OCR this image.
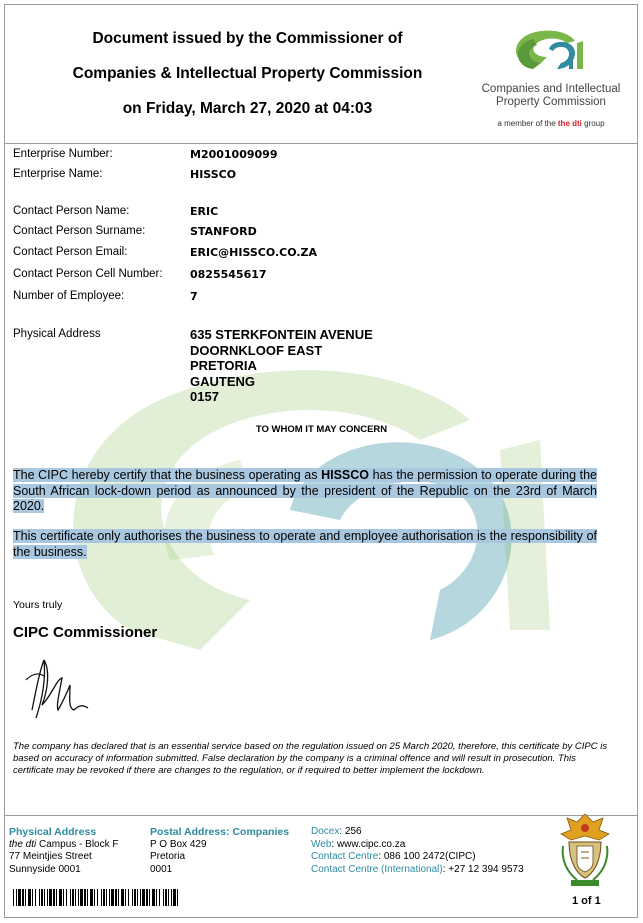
Document issued by the Commissioner of
Companies & Intellectual Property Commission
on Friday, March 27, 2020 at 04:03
Companies and Intellectual
Property Commission
a member of the the dti group
Enterprise Number:	M2001009099
Enterprise Name:	HISSCO
Contact Person Name:	ERIC
Contact Person Surname:	STANFORD
Contact Person Email:	ERIC@HISSCO.CO.ZA
Contact Person Cell Number: 0825545617
Number of Employee:	7
Physical Address	635 STERKFONTEIN AVENUE
DOORNKLOOF EAST
PRETORIA
GAUTENG
0157
TO WHOM IT MAY CONCERN
The CIPC hereby certify that the business operating as HISSCO has the permission to operate during the South African lock-down period as announced by the president of the Republic on the 23rd of March 2020.
This certificate only authorises the business to operate and employee authorisation is the responsibility of the business.
Yours truly
CIPC Commissioner
The company has declared that is an essential service based on the regulation issued on 25 March 2020, therefore, this certificate by CIPC is based on accuracy of information submitted. False declaration by the company is a criminal offence and will result in prosecution. This certificate may be revoked if there are changes to the regulation, or if required to better implement the lockdown.
Physical Address
the dti Campus - Block F
77 Meintjies Street
Sunnyside 0001
Postal Address: Companies
P O Box 429
Pretoria
0001
Docex: 256
Web: www.cipc.co.za
Contact Centre: 086 100 2472(CIPC)
Contact Centre (International): +27 12 394 9573
1 of 1
